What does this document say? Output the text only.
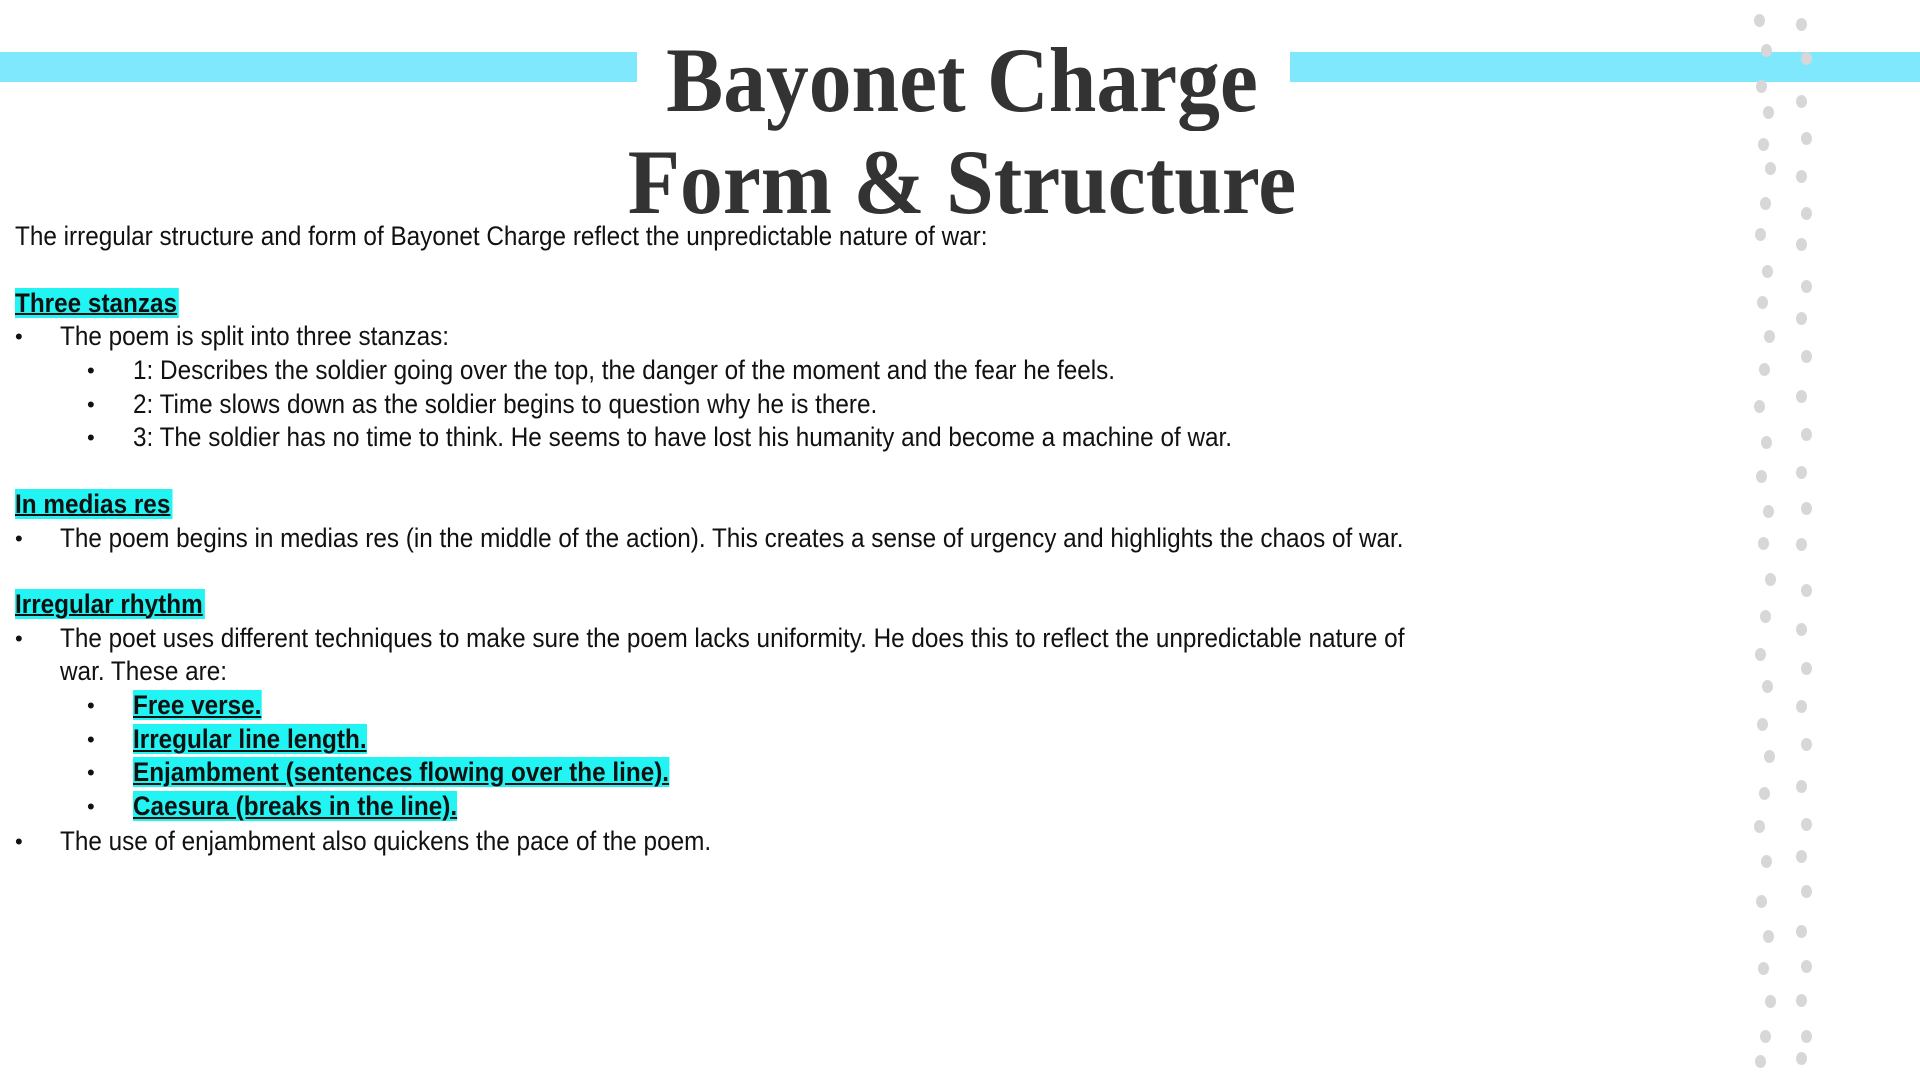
Bayonet Charge
Form & Structure
The irregular structure and form of Bayonet Charge reflect the unpredictable nature of war:
Three stanzas
• The poem is split into three stanzas:
• 1: Describes the soldier going over the top, the danger of the moment and the fear he feels.
• 2: Time slows down as the soldier begins to question why he is there.
• 3: The soldier has no time to think. He seems to have lost his humanity and become a machine of war.
In medias res
• The poem begins in medias res (in the middle of the action). This creates a sense of urgency and highlights the chaos of war.
Irregular rhythm
• The poet uses different techniques to make sure the poem lacks uniformity. He does this to reflect the unpredictable nature of
war. These are:
• Free verse.
• Irregular line length.
• Enjambment (sentences flowing over the line).
• Caesura (breaks in the line).
• The use of enjambment also quickens the pace of the poem.
